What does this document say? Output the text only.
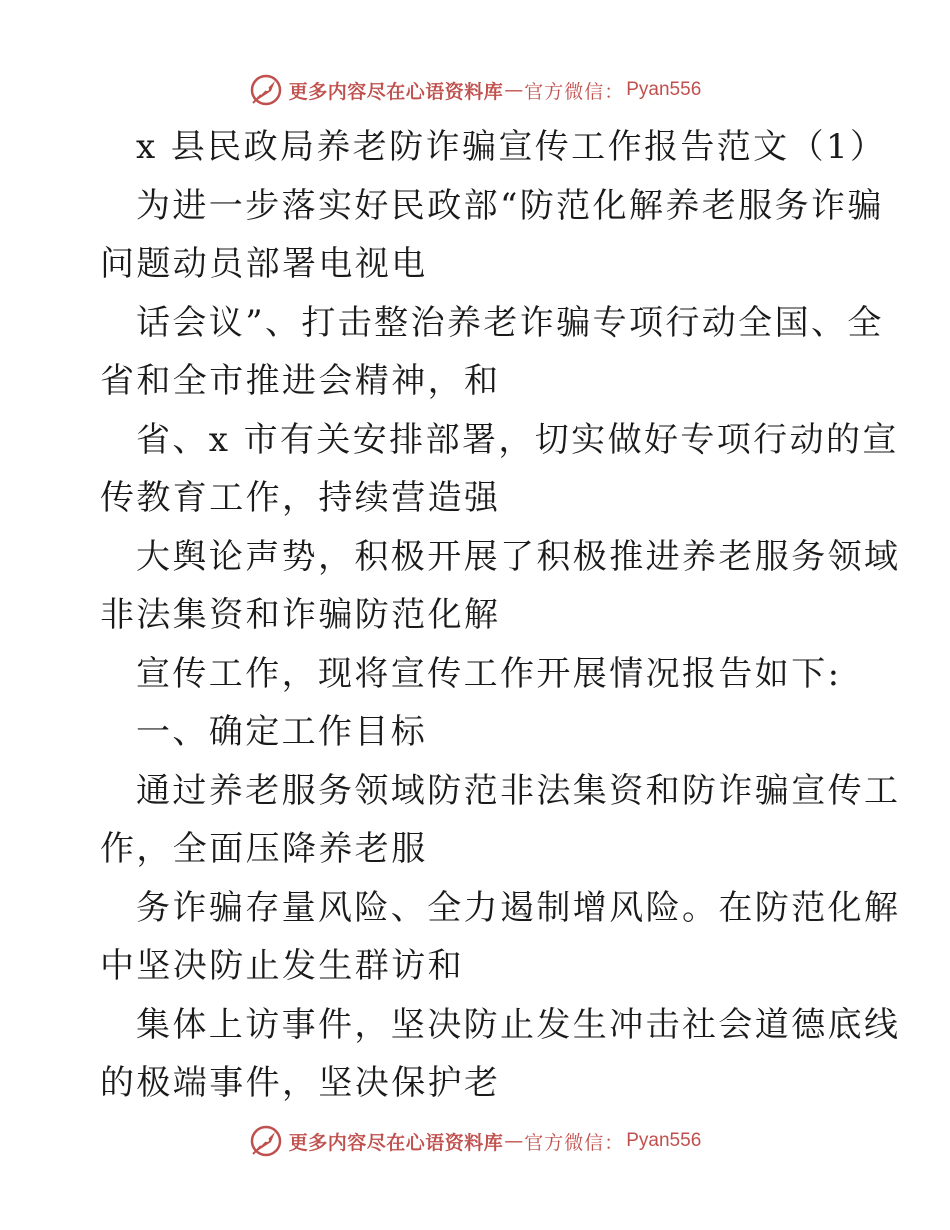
更多内容尽在心语资料库 — 官方微信： Pyan556
x 县民政局养老防诈骗宣传工作报告范文（1）
为进一步落实好民政部“防范化解养老服务诈骗
问题动员部署电视电
话会议”、打击整治养老诈骗专项行动全国、全
省和全市推进会精神，和
省、x 市有关安排部署，切实做好专项行动的宣
传教育工作，持续营造强
大舆论声势，积极开展了积极推进养老服务领域
非法集资和诈骗防范化解
宣传工作，现将宣传工作开展情况报告如下:
一、确定工作目标
通过养老服务领域防范非法集资和防诈骗宣传工
作，全面压降养老服
务诈骗存量风险、全力遏制增风险。在防范化解
中坚决防止发生群访和
集体上访事件，坚决防止发生冲击社会道德底线
的极端事件，坚决保护老
更多内容尽在心语资料库 — 官方微信： Pyan556
